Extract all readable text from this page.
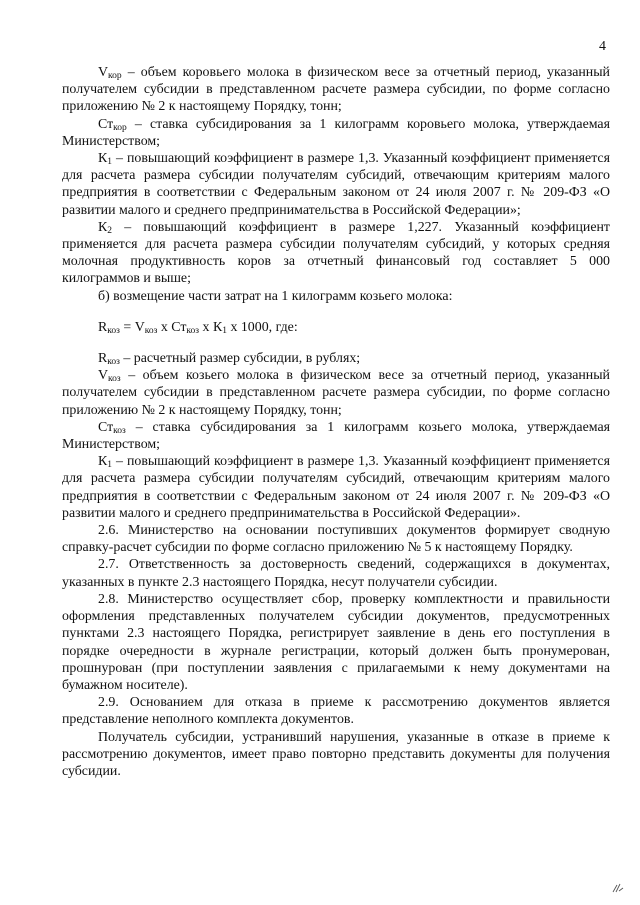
4

$V_{кор}$ – объем коровьего молока в физическом весе за отчетный период, указанный получателем субсидии в представленном расчете размера субсидии, по форме согласно приложению № 2 к настоящему Порядку, тонн;

$Ст_{кор}$ – ставка субсидирования за 1 килограмм коровьего молока, утверждаемая Министерством;

$К_1$ – повышающий коэффициент в размере 1,3. Указанный коэффициент применяется для расчета размера субсидии получателям субсидий, отвечающим критериям малого предприятия в соответствии с Федеральным законом от 24 июля 2007 г. № 209-ФЗ «О развитии малого и среднего предпринимательства в Российской Федерации»;

$К_2$ – повышающий коэффициент в размере 1,227. Указанный коэффициент применяется для расчета размера субсидии получателям субсидий, у которых средняя молочная продуктивность коров за отчетный финансовый год составляет 5 000 килограммов и выше;

б) возмещение части затрат на 1 килограмм козьего молока:

$R_{коз} = V_{коз}$ x $Ст_{коз}$ x $К_1$ x 1000, где:

$R_{коз}$ – расчетный размер субсидии, в рублях;

$V_{коз}$ – объем козьего молока в физическом весе за отчетный период, указанный получателем субсидии в представленном расчете размера субсидии, по форме согласно приложению № 2 к настоящему Порядку, тонн;

$Ст_{коз}$ – ставка субсидирования за 1 килограмм козьего молока, утверждаемая Министерством;

$К_1$ – повышающий коэффициент в размере 1,3. Указанный коэффициент применяется для расчета размера субсидии получателям субсидий, отвечающим критериям малого предприятия в соответствии с Федеральным законом от 24 июля 2007 г. № 209-ФЗ «О развитии малого и среднего предпринимательства в Российской Федерации».

2.6. Министерство на основании поступивших документов формирует сводную справку-расчет субсидии по форме согласно приложению № 5 к настоящему Порядку.

2.7. Ответственность за достоверность сведений, содержащихся в документах, указанных в пункте 2.3 настоящего Порядка, несут получатели субсидии.

2.8. Министерство осуществляет сбор, проверку комплектности и правильности оформления представленных получателем субсидии документов, предусмотренных пунктами 2.3 настоящего Порядка, регистрирует заявление в день его поступления в порядке очередности в журнале регистрации, который должен быть пронумерован, прошнурован (при поступлении заявления с прилагаемыми к нему документами на бумажном носителе).

2.9. Основанием для отказа в приеме к рассмотрению документов является представление неполного комплекта документов.

Получатель субсидии, устранивший нарушения, указанные в отказе в приеме к рассмотрению документов, имеет право повторно представить документы для получения субсидии.
